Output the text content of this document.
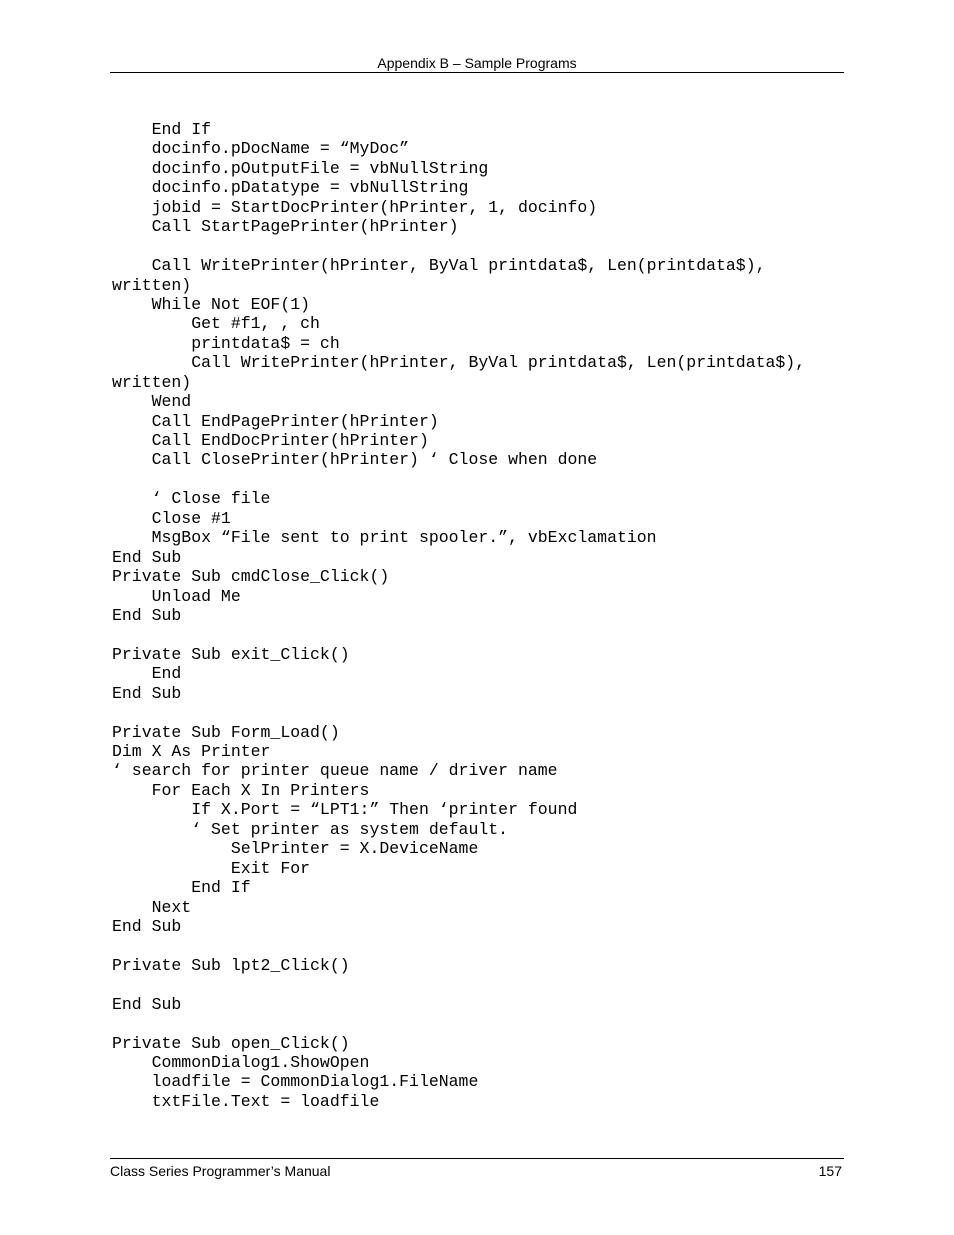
Appendix B – Sample Programs
End If
docinfo.pDocName = “MyDoc”
docinfo.pOutputFile = vbNullString
docinfo.pDatatype = vbNullString
jobid = StartDocPrinter(hPrinter, 1, docinfo)
Call StartPagePrinter(hPrinter)
Call WritePrinter(hPrinter, ByVal printdata$, Len(printdata$),
written)
While Not EOF(1)
Get #f1, , ch
printdata$ = ch
Call WritePrinter(hPrinter, ByVal printdata$, Len(printdata$),
written)
Wend
Call EndPagePrinter(hPrinter)
Call EndDocPrinter(hPrinter)
Call ClosePrinter(hPrinter) ‘ Close when done
‘ Close file
Close #1
MsgBox “File sent to print spooler.”, vbExclamation
End Sub
Private Sub cmdClose_Click()
Unload Me
End Sub
Private Sub exit_Click()
End
End Sub
Private Sub Form_Load()
Dim X As Printer
‘ search for printer queue name / driver name
For Each X In Printers
If X.Port = “LPT1:” Then ‘printer found
‘ Set printer as system default.
SelPrinter = X.DeviceName
Exit For
End If
Next
End Sub
Private Sub lpt2_Click()
End Sub
Private Sub open_Click()
CommonDialog1.ShowOpen
loadfile = CommonDialog1.FileName
txtFile.Text = loadfile
Class Series Programmer’s Manual	157
